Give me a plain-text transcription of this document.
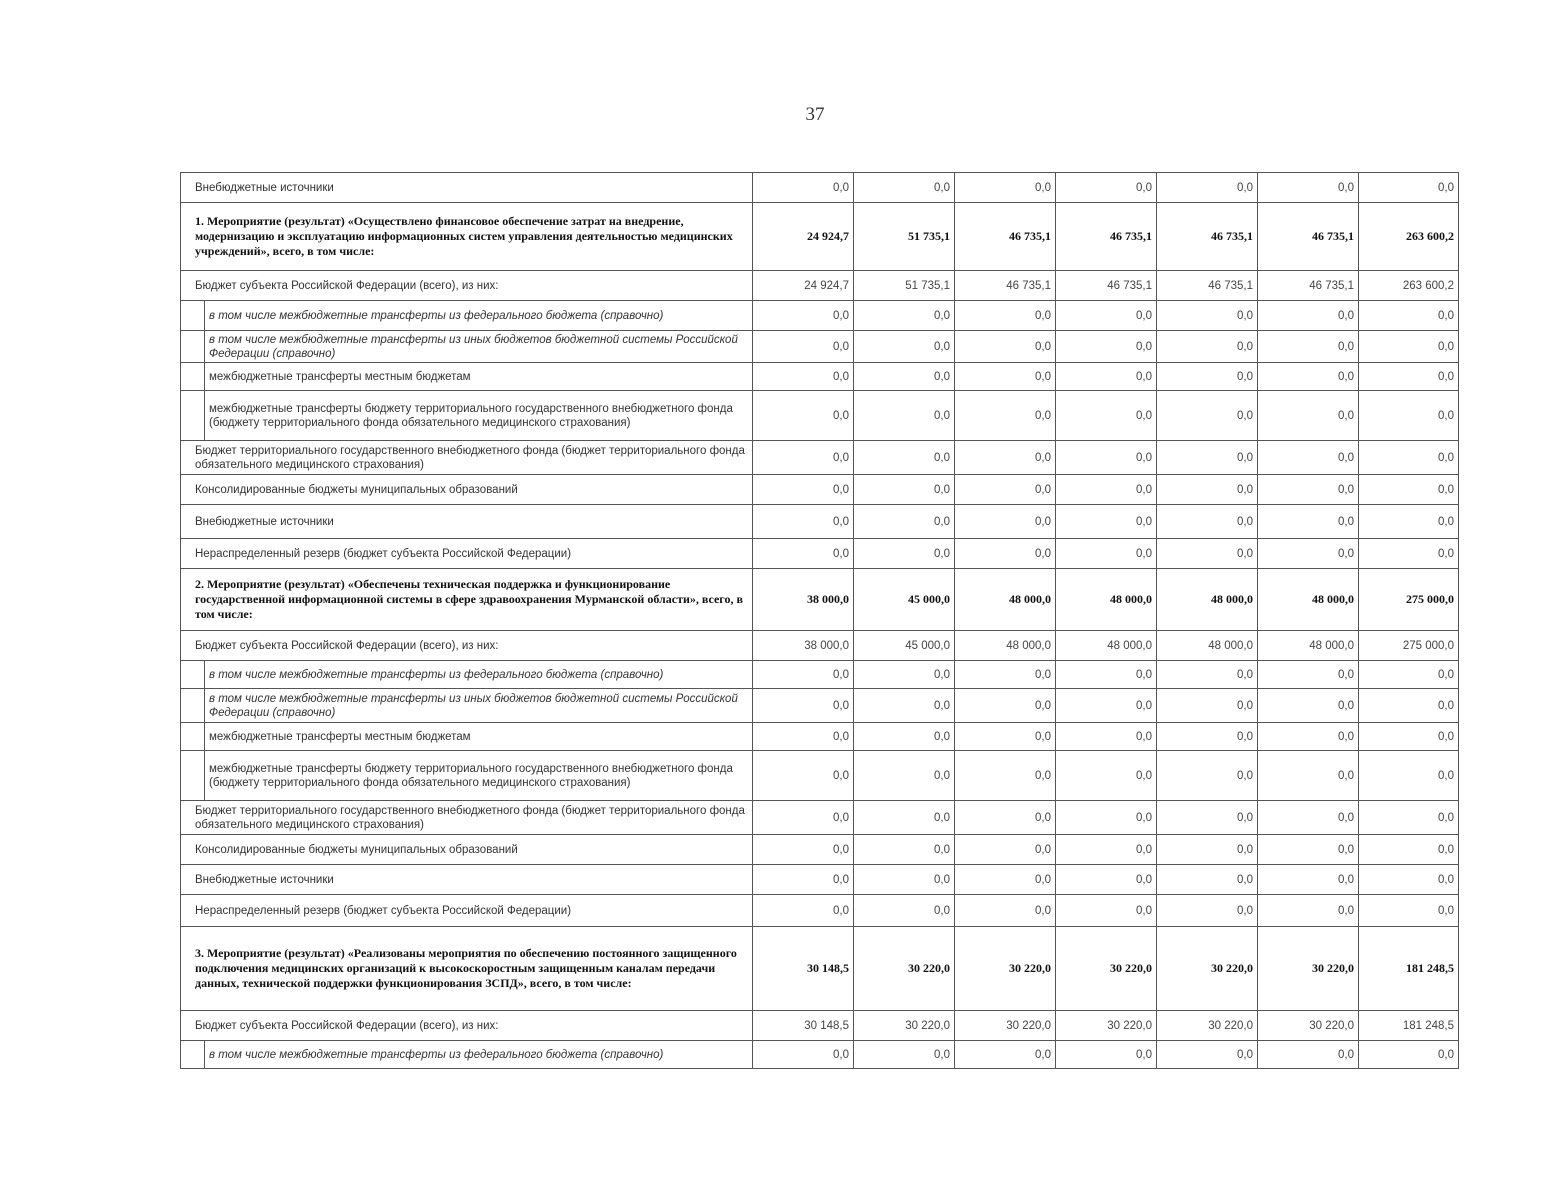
37
Внебюджетные источники		0,0	0,0	0,0	0,0	0,0	0,0	0,0
1. Мероприятие (результат) «Осуществлено финансовое обеспечение затрат на внедрение, модернизацию и эксплуатацию информационных систем управления деятельностью медицинских учреждений», всего, в том числе:		24 924,7	51 735,1	46 735,1	46 735,1	46 735,1	46 735,1	263 600,2
Бюджет субъекта Российской Федерации (всего), из них:		24 924,7	51 735,1	46 735,1	46 735,1	46 735,1	46 735,1	263 600,2
	в том числе межбюджетные трансферты из федерального бюджета (справочно)	0,0	0,0	0,0	0,0	0,0	0,0	0,0
	в том числе межбюджетные трансферты из иных бюджетов бюджетной системы Российской Федерации (справочно)	0,0	0,0	0,0	0,0	0,0	0,0	0,0
	межбюджетные трансферты местным бюджетам	0,0	0,0	0,0	0,0	0,0	0,0	0,0
	межбюджетные трансферты бюджету территориального государственного внебюджетного фонда (бюджету территориального фонда обязательного медицинского страхования)	0,0	0,0	0,0	0,0	0,0	0,0	0,0
Бюджет территориального государственного внебюджетного фонда (бюджет территориального фонда обязательного медицинского страхования)		0,0	0,0	0,0	0,0	0,0	0,0	0,0
Консолидированные бюджеты муниципальных образований		0,0	0,0	0,0	0,0	0,0	0,0	0,0
Внебюджетные источники		0,0	0,0	0,0	0,0	0,0	0,0	0,0
Нераспределенный резерв (бюджет субъекта Российской Федерации)		0,0	0,0	0,0	0,0	0,0	0,0	0,0
2. Мероприятие (результат) «Обеспечены техническая поддержка и функционирование государственной информационной системы в сфере здравоохранения Мурманской области», всего, в том числе:		38 000,0	45 000,0	48 000,0	48 000,0	48 000,0	48 000,0	275 000,0
Бюджет субъекта Российской Федерации (всего), из них:		38 000,0	45 000,0	48 000,0	48 000,0	48 000,0	48 000,0	275 000,0
	в том числе межбюджетные трансферты из федерального бюджета (справочно)	0,0	0,0	0,0	0,0	0,0	0,0	0,0
	в том числе межбюджетные трансферты из иных бюджетов бюджетной системы Российской Федерации (справочно)	0,0	0,0	0,0	0,0	0,0	0,0	0,0
	межбюджетные трансферты местным бюджетам	0,0	0,0	0,0	0,0	0,0	0,0	0,0
	межбюджетные трансферты бюджету территориального государственного внебюджетного фонда (бюджету территориального фонда обязательного медицинского страхования)	0,0	0,0	0,0	0,0	0,0	0,0	0,0
Бюджет территориального государственного внебюджетного фонда (бюджет территориального фонда обязательного медицинского страхования)		0,0	0,0	0,0	0,0	0,0	0,0	0,0
Консолидированные бюджеты муниципальных образований		0,0	0,0	0,0	0,0	0,0	0,0	0,0
Внебюджетные источники		0,0	0,0	0,0	0,0	0,0	0,0	0,0
Нераспределенный резерв (бюджет субъекта Российской Федерации)		0,0	0,0	0,0	0,0	0,0	0,0	0,0
3. Мероприятие (результат) «Реализованы мероприятия по обеспечению постоянного защищенного подключения медицинских организаций к высокоскоростным защищенным каналам передачи данных, технической поддержки функционирования ЗСПД», всего, в том числе:		30 148,5	30 220,0	30 220,0	30 220,0	30 220,0	30 220,0	181 248,5
Бюджет субъекта Российской Федерации (всего), из них:		30 148,5	30 220,0	30 220,0	30 220,0	30 220,0	30 220,0	181 248,5
	в том числе межбюджетные трансферты из федерального бюджета (справочно)	0,0	0,0	0,0	0,0	0,0	0,0	0,0
